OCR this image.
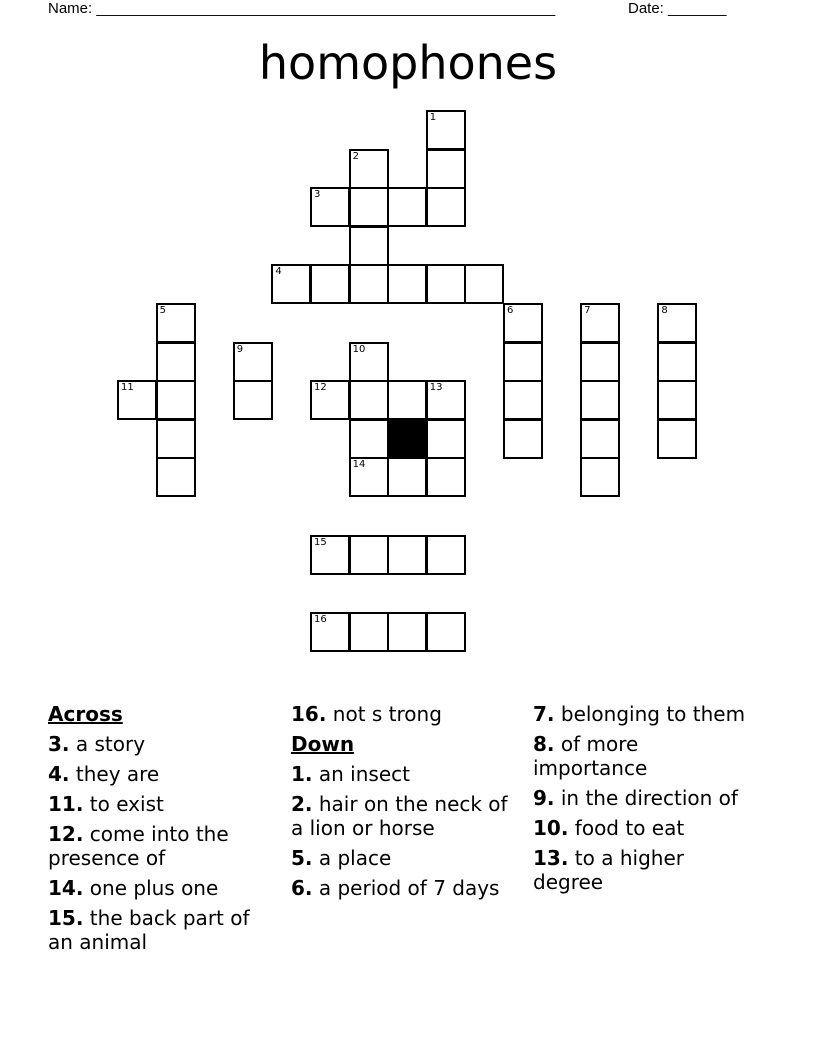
Name: _______________________________________________________	Date: _______
homophones
1
2
3
4
5	6	7	8
9	10
11	12	13
14
15
16
Across
3. a story
4. they are
11. to exist
12. come into the presence of
14. one plus one
15. the back part of an animal
16. not s trong
Down
1. an insect
2. hair on the neck of a lion or horse
5. a place
6. a period of 7 days
7. belonging to them
8. of more importance
9. in the direction of
10. food to eat
13. to a higher degree
